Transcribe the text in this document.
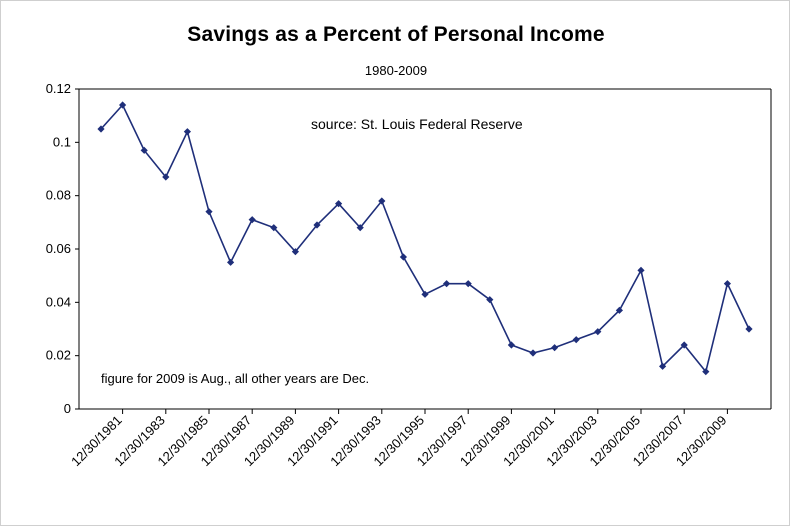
Savings as a Percent of Personal Income
1980-2009
source: St. Louis Federal Reserve
figure for 2009 is Aug., all other years are Dec.
0
0.02
0.04
0.06
0.08
0.1
0.12
12/30/1981
12/30/1983
12/30/1985
12/30/1987
12/30/1989
12/30/1991
12/30/1993
12/30/1995
12/30/1997
12/30/1999
12/30/2001
12/30/2003
12/30/2005
12/30/2007
12/30/2009
